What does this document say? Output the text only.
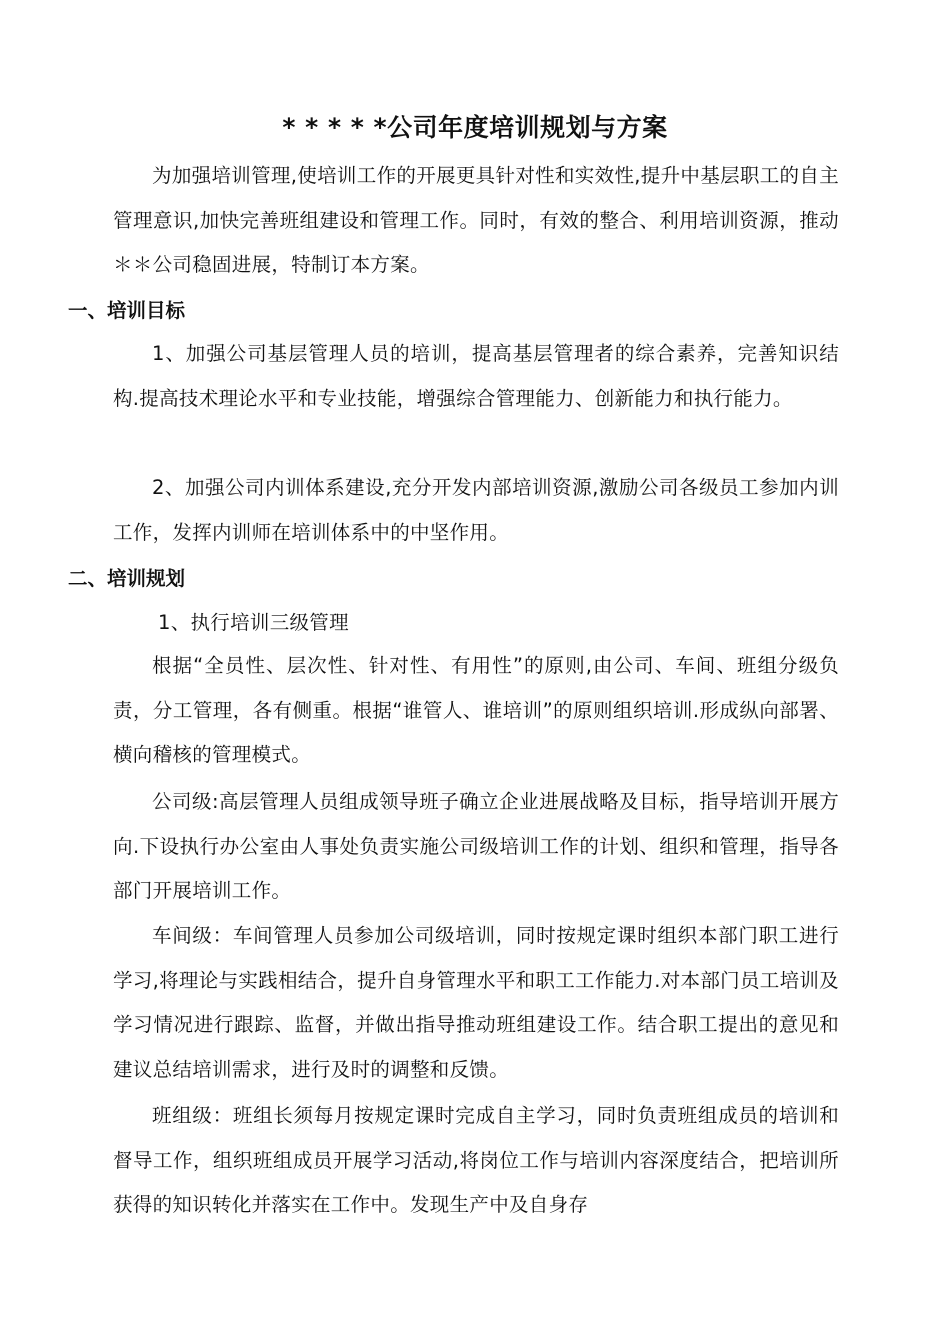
* * * * *公司年度培训规划与方案

为加强培训管理,使培训工作的开展更具针对性和实效性,提升中基层职工的自主管理意识,加快完善班组建设和管理工作。同时，有效的整合、利用培训资源，推动＊＊公司稳固进展，特制订本方案。

一、培训目标

1、加强公司基层管理人员的培训，提高基层管理者的综合素养，完善知识结构.提高技术理论水平和专业技能，增强综合管理能力、创新能力和执行能力。

2、加强公司内训体系建设,充分开发内部培训资源,激励公司各级员工参加内训工作，发挥内训师在培训体系中的中坚作用。

二、培训规划
1、执行培训三级管理

根据“全员性、层次性、针对性、有用性”的原则,由公司、车间、班组分级负责，分工管理，各有侧重。根据“谁管人、谁培训”的原则组织培训.形成纵向部署、横向稽核的管理模式。

公司级:高层管理人员组成领导班子确立企业进展战略及目标，指导培训开展方向.下设执行办公室由人事处负责实施公司级培训工作的计划、组织和管理，指导各部门开展培训工作。

车间级：车间管理人员参加公司级培训，同时按规定课时组织本部门职工进行学习,将理论与实践相结合，提升自身管理水平和职工工作能力.对本部门员工培训及学习情况进行跟踪、监督，并做出指导推动班组建设工作。结合职工提出的意见和建议总结培训需求，进行及时的调整和反馈。

班组级：班组长须每月按规定课时完成自主学习，同时负责班组成员的培训和督导工作，组织班组成员开展学习活动,将岗位工作与培训内容深度结合，把培训所获得的知识转化并落实在工作中。发现生产中及自身存
